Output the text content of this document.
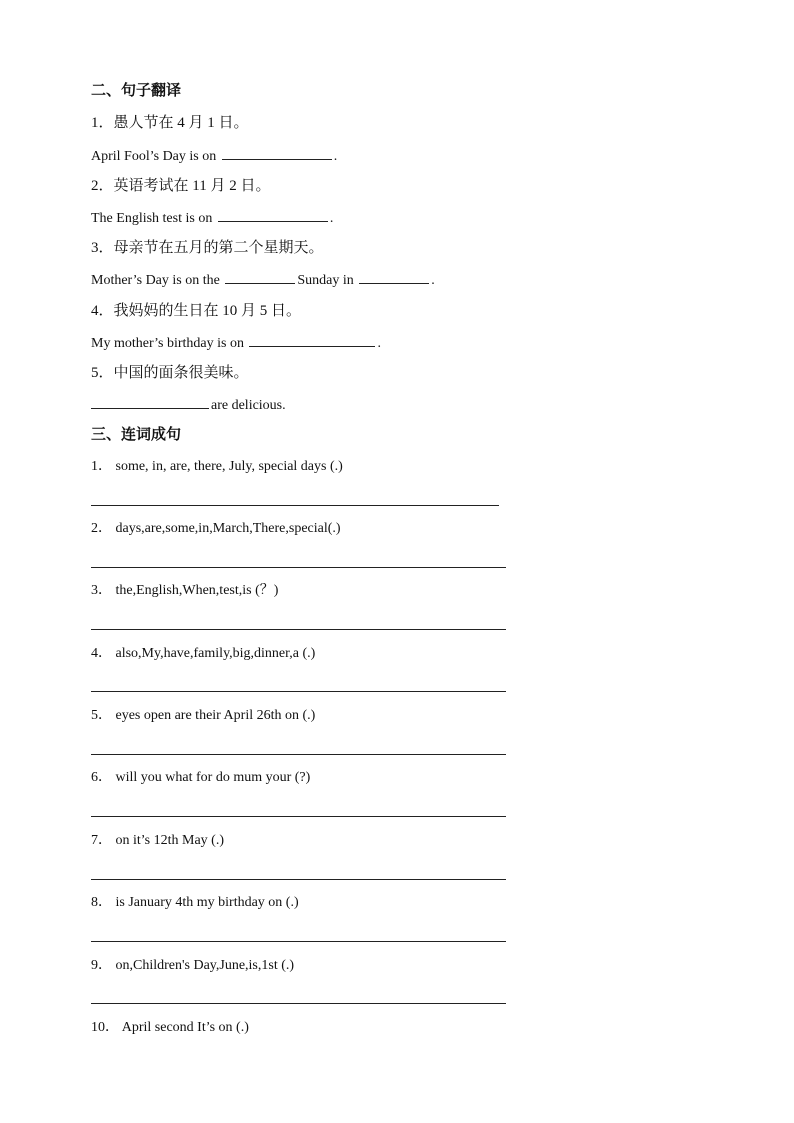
二、句子翻译
1．愚人节在 4 月 1 日。
April Fool’s Day is on	.
2．英语考试在 11 月 2 日。
The English test is on	.
3．母亲节在五月的第二个星期天。
Mother’s Day is on the	Sunday in	.
4．我妈妈的生日在 10 月 5 日。
My mother’s birthday is on	.
5．中国的面条很美味。
are delicious.
三、连词成句
1． some, in, are, there, July, special days (.)
2． days,are,some,in,March,There,special(.)
3． the,English,When,test,is (？)
4． also,My,have,family,big,dinner,a (.)
5． eyes open are their April 26th on (.)
6． will you what for do mum your (?)
7． on it’s 12th May (.)
8． is January 4th my birthday on (.)
9． on,Children's Day,June,is,1st (.)
10． April second It’s on (.)
